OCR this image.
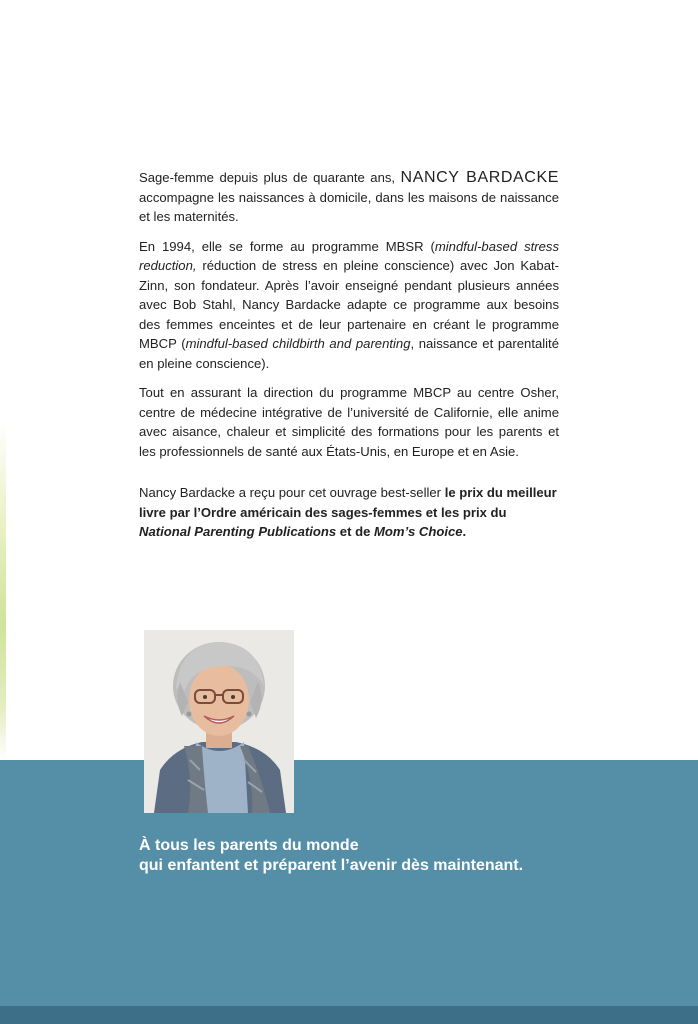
Sage-femme depuis plus de quarante ans, NANCY BARDACKE accompagne les naissances à domicile, dans les maisons de naissance et les maternités.

En 1994, elle se forme au programme MBSR (mindful-based stress reduction, réduction de stress en pleine conscience) avec Jon Kabat-Zinn, son fondateur. Après l’avoir enseigné pendant plusieurs années avec Bob Stahl, Nancy Bardacke adapte ce programme aux besoins des femmes enceintes et de leur partenaire en créant le programme MBCP (mindful-based childbirth and parenting, naissance et parentalité en pleine conscience).

Tout en assurant la direction du programme MBCP au centre Osher, centre de médecine intégrative de l’université de Californie, elle anime avec aisance, chaleur et simplicité des formations pour les parents et les professionnels de santé aux États-Unis, en Europe et en Asie.

Nancy Bardacke a reçu pour cet ouvrage best-seller le prix du meilleur livre par l’Ordre américain des sages-femmes et les prix du National Parenting Publications et de Mom’s Choice.

À tous les parents du monde
qui enfantent et préparent l’avenir dès maintenant.
